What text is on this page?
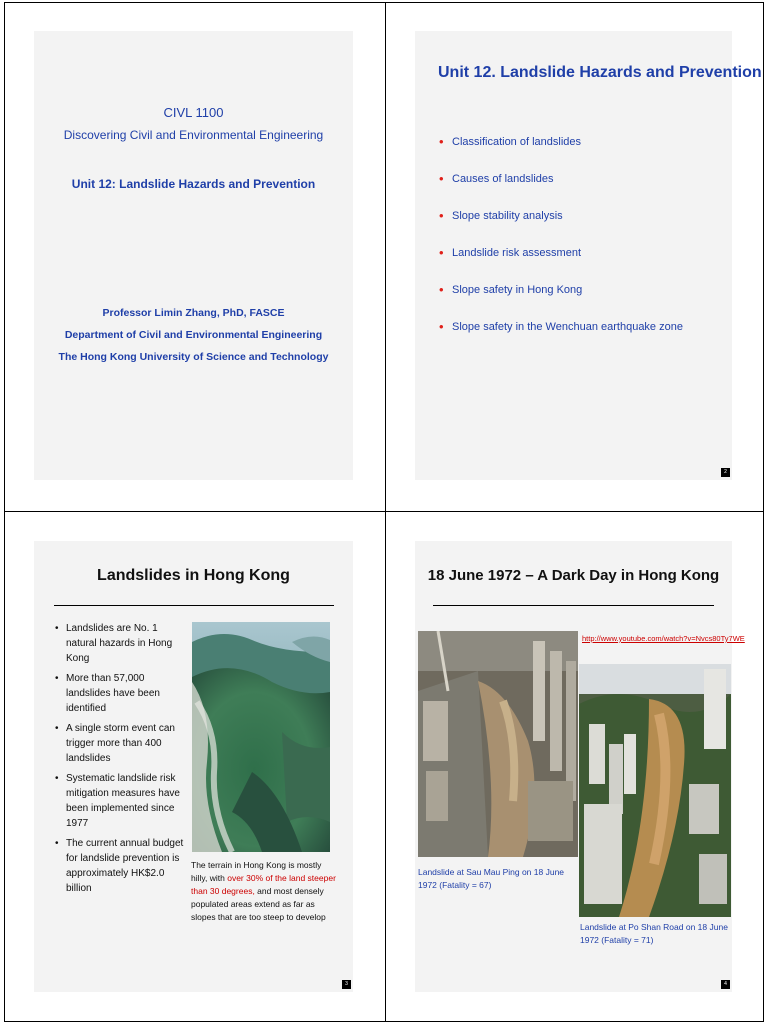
CIVL 1100
Discovering Civil and Environmental Engineering
Unit 12: Landslide Hazards and Prevention
Professor Limin Zhang, PhD, FASCE
Department of Civil and Environmental Engineering
The Hong Kong University of Science and Technology
Unit 12. Landslide Hazards and Prevention
• Classification of landslides
• Causes of landslides
• Slope stability analysis
• Landslide risk assessment
• Slope safety in Hong Kong
• Slope safety in the Wenchuan earthquake zone
2
Landslides in Hong Kong
• Landslides are No. 1 natural hazards in Hong Kong
• More than 57,000 landslides have been identified
• A single storm event can trigger more than 400 landslides
• Systematic landslide risk mitigation measures have been implemented since 1977
• The current annual budget for landslide prevention is approximately HK$2.0 billion
The terrain in Hong Kong is mostly hilly, with over 30% of the land steeper than 30 degrees, and most densely populated areas extend as far as slopes that are too steep to develop
3
18 June 1972 – A Dark Day in Hong Kong
http://www.youtube.com/watch?v=Nvcs80Ty7WE
Landslide at Sau Mau Ping on 18 June 1972 (Fatality = 67)
Landslide at Po Shan Road on 18 June 1972 (Fatality = 71)
4
